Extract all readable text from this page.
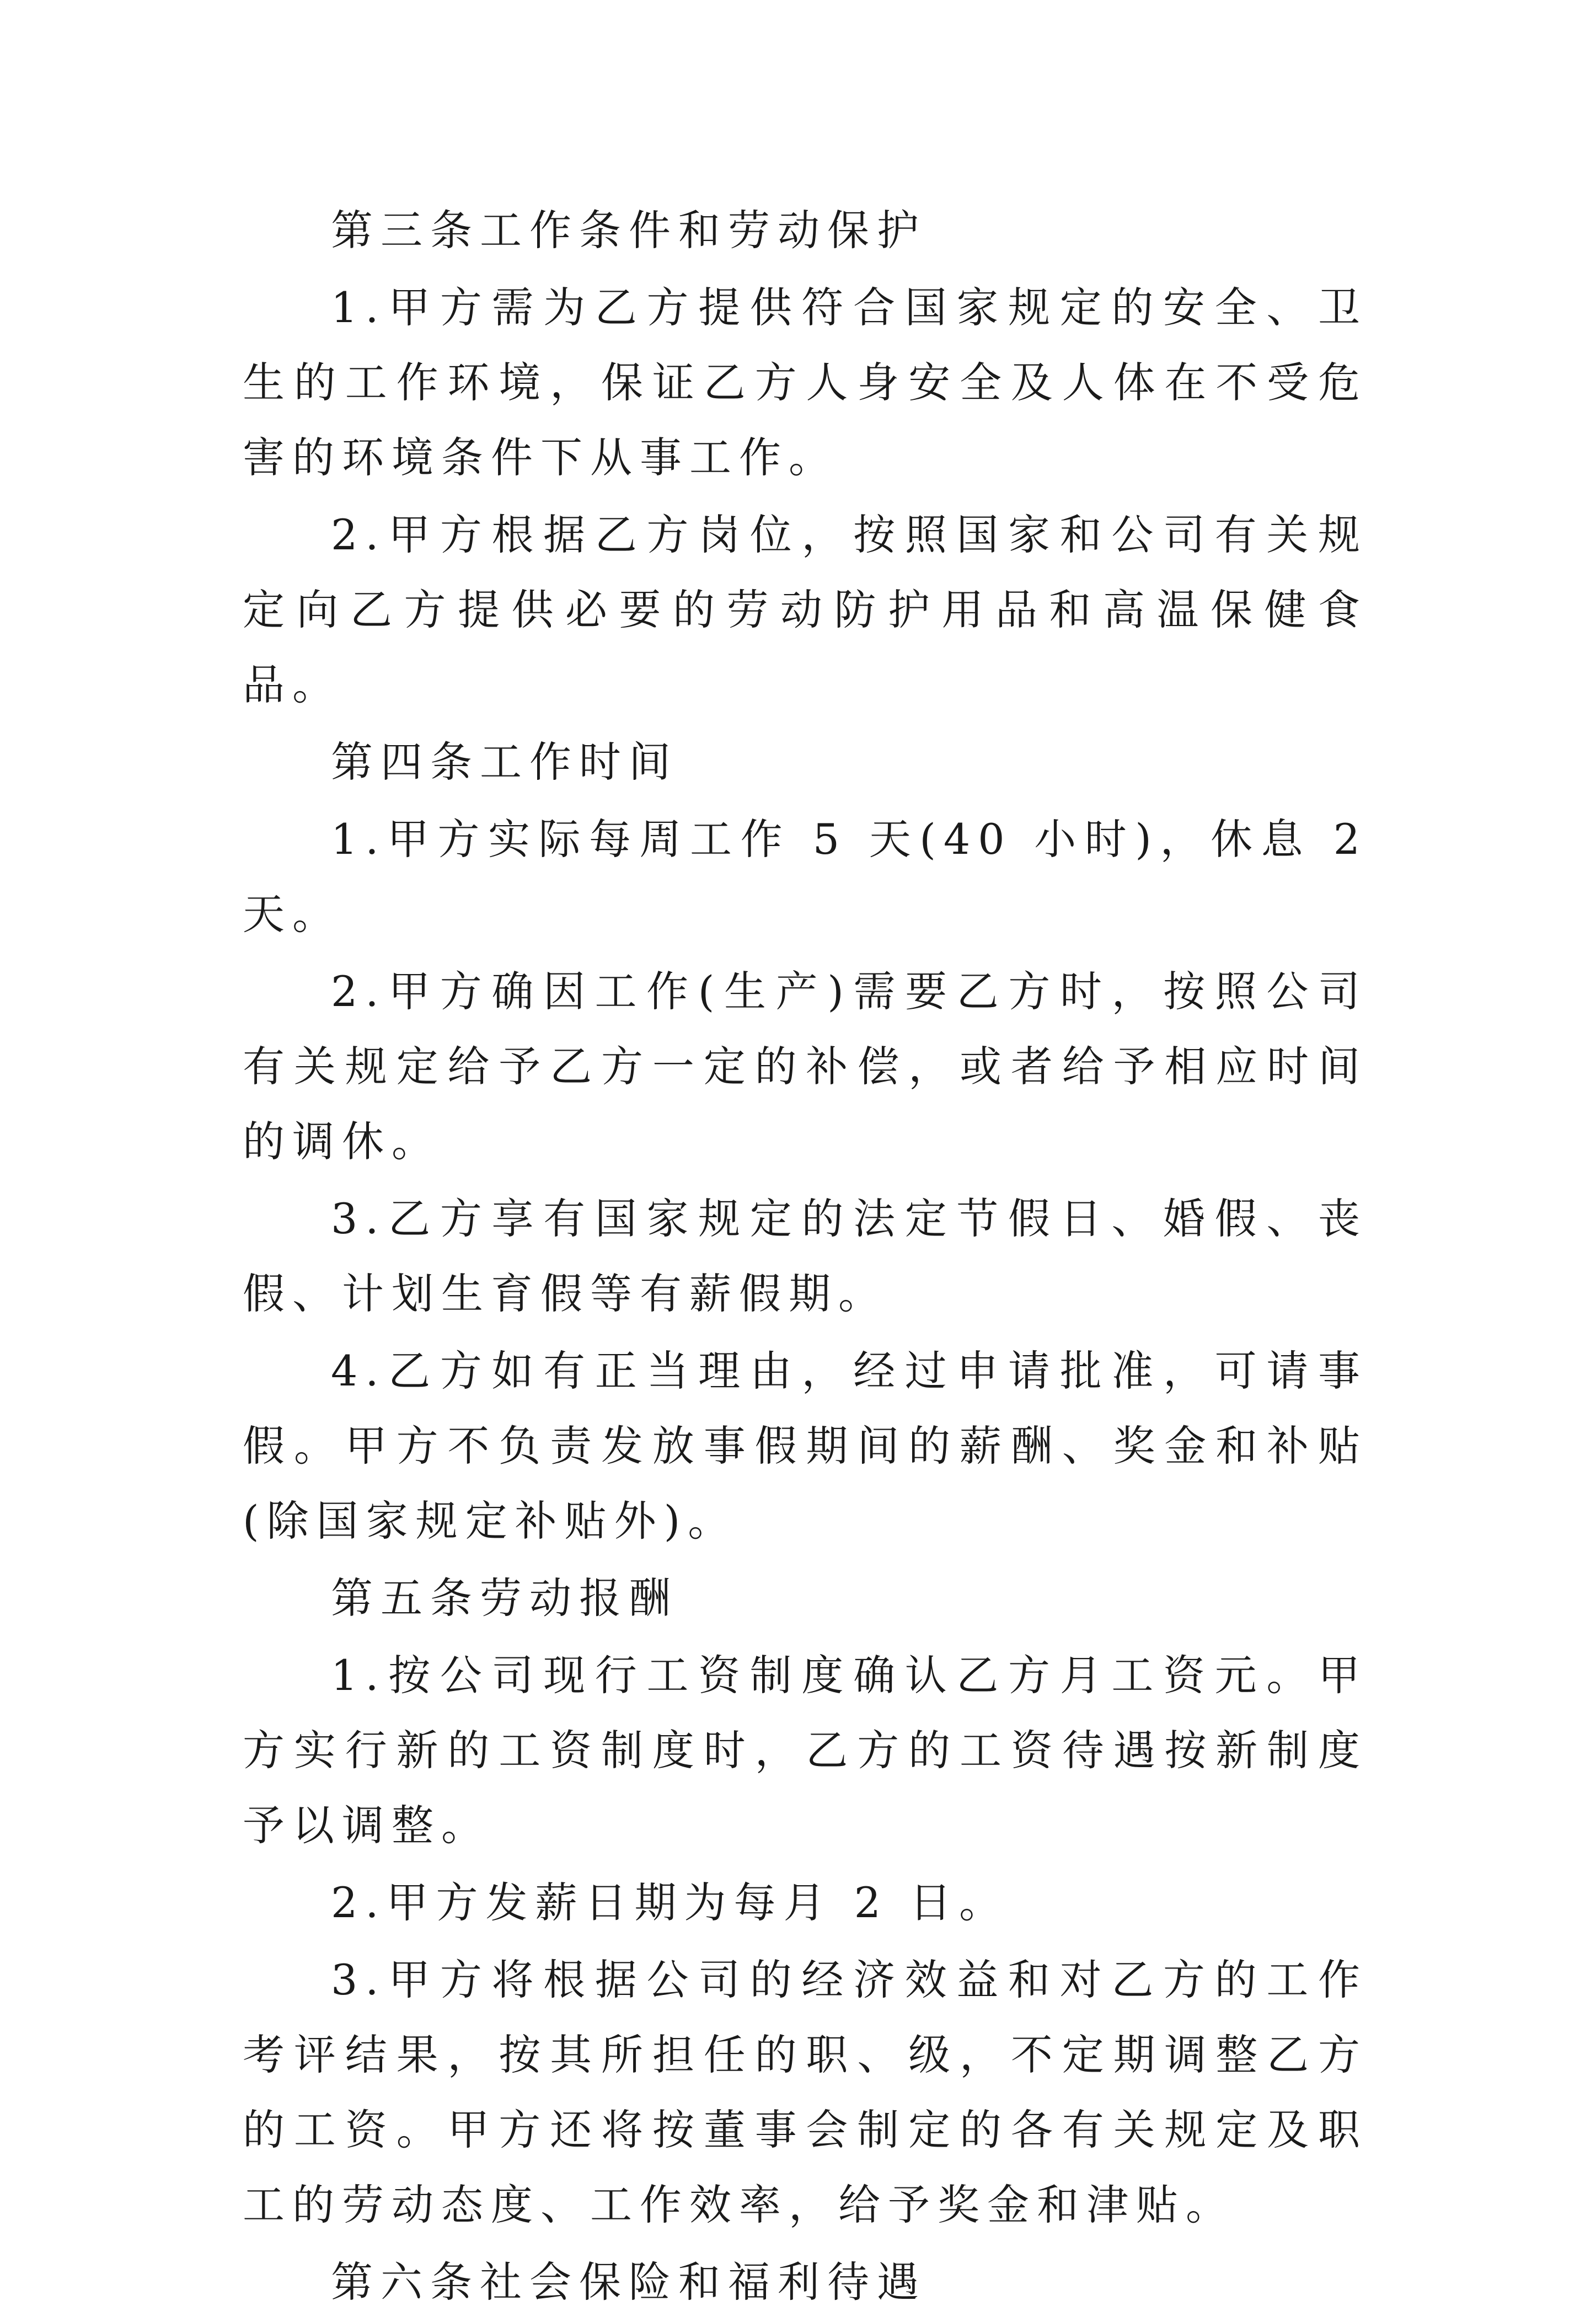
第三条工作条件和劳动保护

1.甲方需为乙方提供符合国家规定的安全、卫生的工作环境，保证乙方人身安全及人体在不受危害的环境条件下从事工作。

2.甲方根据乙方岗位，按照国家和公司有关规定向乙方提供必要的劳动防护用品和高温保健食品。

第四条工作时间

1.甲方实际每周工作 5 天(40 小时)，休息 2 天。

2.甲方确因工作(生产)需要乙方时，按照公司有关规定给予乙方一定的补偿，或者给予相应时间的调休。

3.乙方享有国家规定的法定节假日、婚假、丧假、计划生育假等有薪假期。

4.乙方如有正当理由，经过申请批准，可请事假。甲方不负责发放事假期间的薪酬、奖金和补贴(除国家规定补贴外)。

第五条劳动报酬

1.按公司现行工资制度确认乙方月工资元。甲方实行新的工资制度时，乙方的工资待遇按新制度予以调整。

2.甲方发薪日期为每月 2 日。

3.甲方将根据公司的经济效益和对乙方的工作考评结果，按其所担任的职、级，不定期调整乙方的工资。甲方还将按董事会制定的各有关规定及职工的劳动态度、工作效率，给予奖金和津贴。

第六条社会保险和福利待遇
